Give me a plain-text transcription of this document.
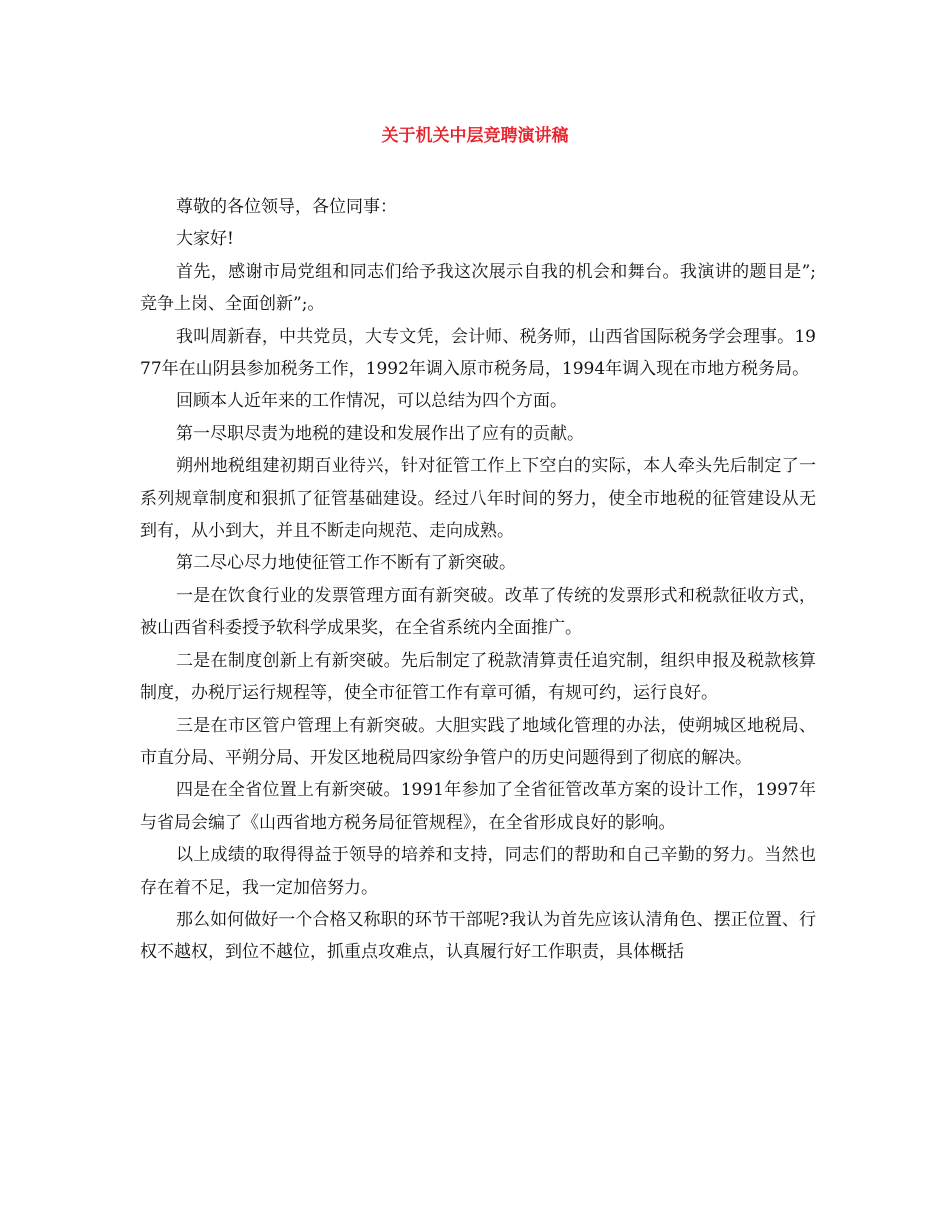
关于机关中层竞聘演讲稿

尊敬的各位领导，各位同事：

大家好!

首先，感谢市局党组和同志们给予我这次展示自我的机会和舞台。我演讲的题目是”;竞争上岗、全面创新”;。

我叫周新春，中共党员，大专文凭，会计师、税务师，山西省国际税务学会理事。1977年在山阴县参加税务工作，1992年调入原市税务局，1994年调入现在市地方税务局。

回顾本人近年来的工作情况，可以总结为四个方面。

第一尽职尽责为地税的建设和发展作出了应有的贡献。

朔州地税组建初期百业待兴，针对征管工作上下空白的实际，本人牵头先后制定了一系列规章制度和狠抓了征管基础建设。经过八年时间的努力，使全市地税的征管建设从无到有，从小到大，并且不断走向规范、走向成熟。

第二尽心尽力地使征管工作不断有了新突破。

一是在饮食行业的发票管理方面有新突破。改革了传统的发票形式和税款征收方式，被山西省科委授予软科学成果奖，在全省系统内全面推广。

二是在制度创新上有新突破。先后制定了税款清算责任追究制，组织申报及税款核算制度，办税厅运行规程等，使全市征管工作有章可循，有规可约，运行良好。

三是在市区管户管理上有新突破。大胆实践了地域化管理的办法，使朔城区地税局、市直分局、平朔分局、开发区地税局四家纷争管户的历史问题得到了彻底的解决。

四是在全省位置上有新突破。1991年参加了全省征管改革方案的设计工作，1997年与省局会编了《山西省地方税务局征管规程》，在全省形成良好的影响。

以上成绩的取得得益于领导的培养和支持，同志们的帮助和自己辛勤的努力。当然也存在着不足，我一定加倍努力。

那么如何做好一个合格又称职的环节干部呢?我认为首先应该认清角色、摆正位置、行权不越权，到位不越位，抓重点攻难点，认真履行好工作职责，具体概括
